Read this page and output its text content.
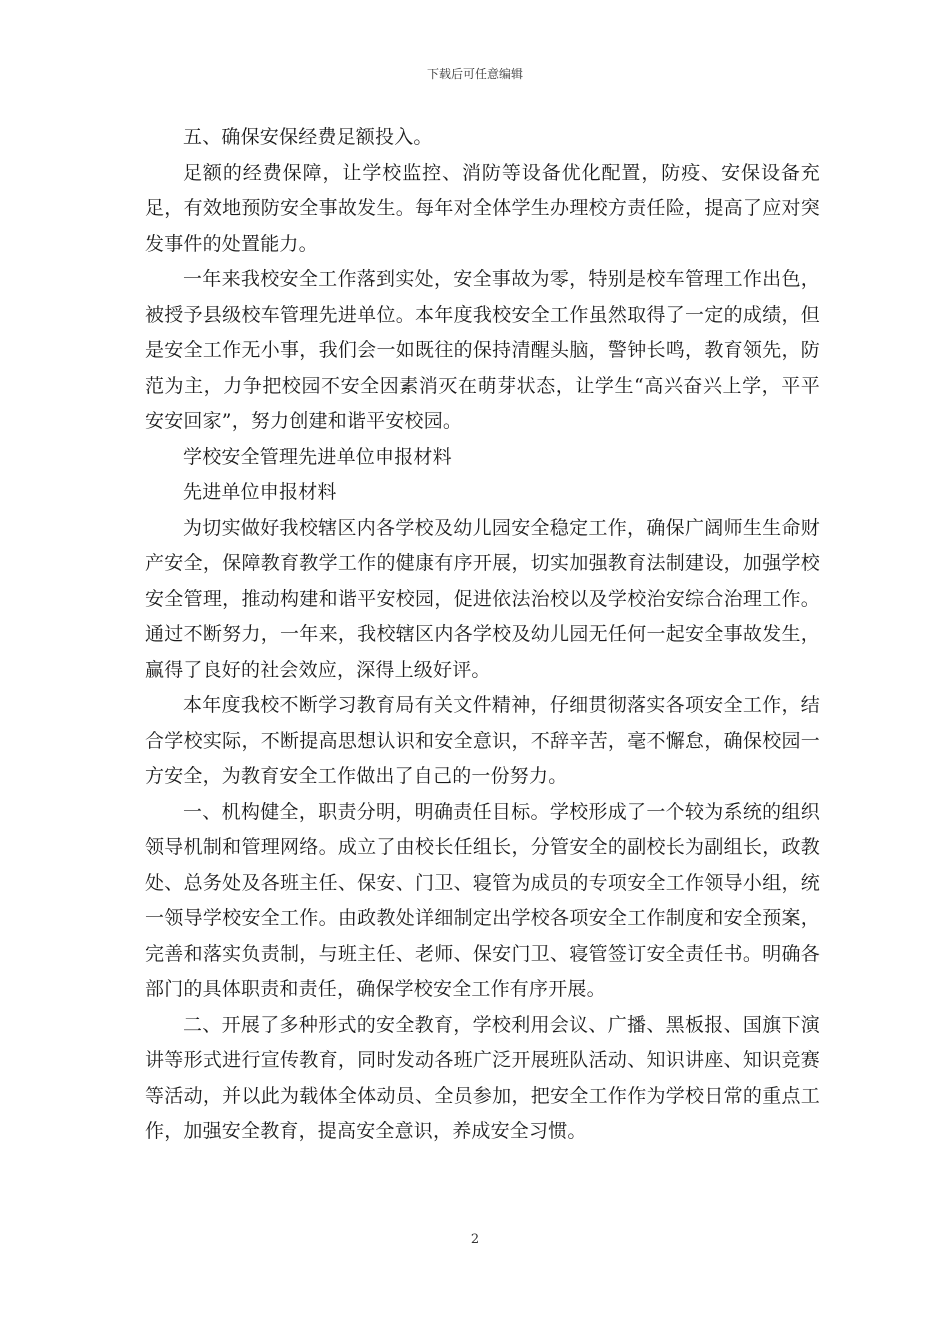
下载后可任意编辑

五、确保安保经费足额投入。

足额的经费保障，让学校监控、消防等设备优化配置，防疫、安保设备充足，有效地预防安全事故发生。每年对全体学生办理校方责任险，提高了应对突发事件的处置能力。

一年来我校安全工作落到实处，安全事故为零，特别是校车管理工作出色，被授予县级校车管理先进单位。本年度我校安全工作虽然取得了一定的成绩，但是安全工作无小事，我们会一如既往的保持清醒头脑，警钟长鸣，教育领先，防范为主，力争把校园不安全因素消灭在萌芽状态，让学生“高兴奋兴上学，平平安安回家”，努力创建和谐平安校园。

学校安全管理先进单位申报材料

先进单位申报材料

为切实做好我校辖区内各学校及幼儿园安全稳定工作，确保广阔师生生命财产安全，保障教育教学工作的健康有序开展，切实加强教育法制建设，加强学校安全管理，推动构建和谐平安校园，促进依法治校以及学校治安综合治理工作。通过不断努力，一年来，我校辖区内各学校及幼儿园无任何一起安全事故发生，赢得了良好的社会效应，深得上级好评。

本年度我校不断学习教育局有关文件精神，仔细贯彻落实各项安全工作，结合学校实际，不断提高思想认识和安全意识，不辞辛苦，毫不懈怠，确保校园一方安全，为教育安全工作做出了自己的一份努力。

一、机构健全，职责分明，明确责任目标。学校形成了一个较为系统的组织领导机制和管理网络。成立了由校长任组长，分管安全的副校长为副组长，政教处、总务处及各班主任、保安、门卫、寝管为成员的专项安全工作领导小组，统一领导学校安全工作。由政教处详细制定出学校各项安全工作制度和安全预案，完善和落实负责制，与班主任、老师、保安门卫、寝管签订安全责任书。明确各部门的具体职责和责任，确保学校安全工作有序开展。

二、开展了多种形式的安全教育，学校利用会议、广播、黑板报、国旗下演讲等形式进行宣传教育，同时发动各班广泛开展班队活动、知识讲座、知识竞赛等活动，并以此为载体全体动员、全员参加，把安全工作作为学校日常的重点工作，加强安全教育，提高安全意识，养成安全习惯。

2
